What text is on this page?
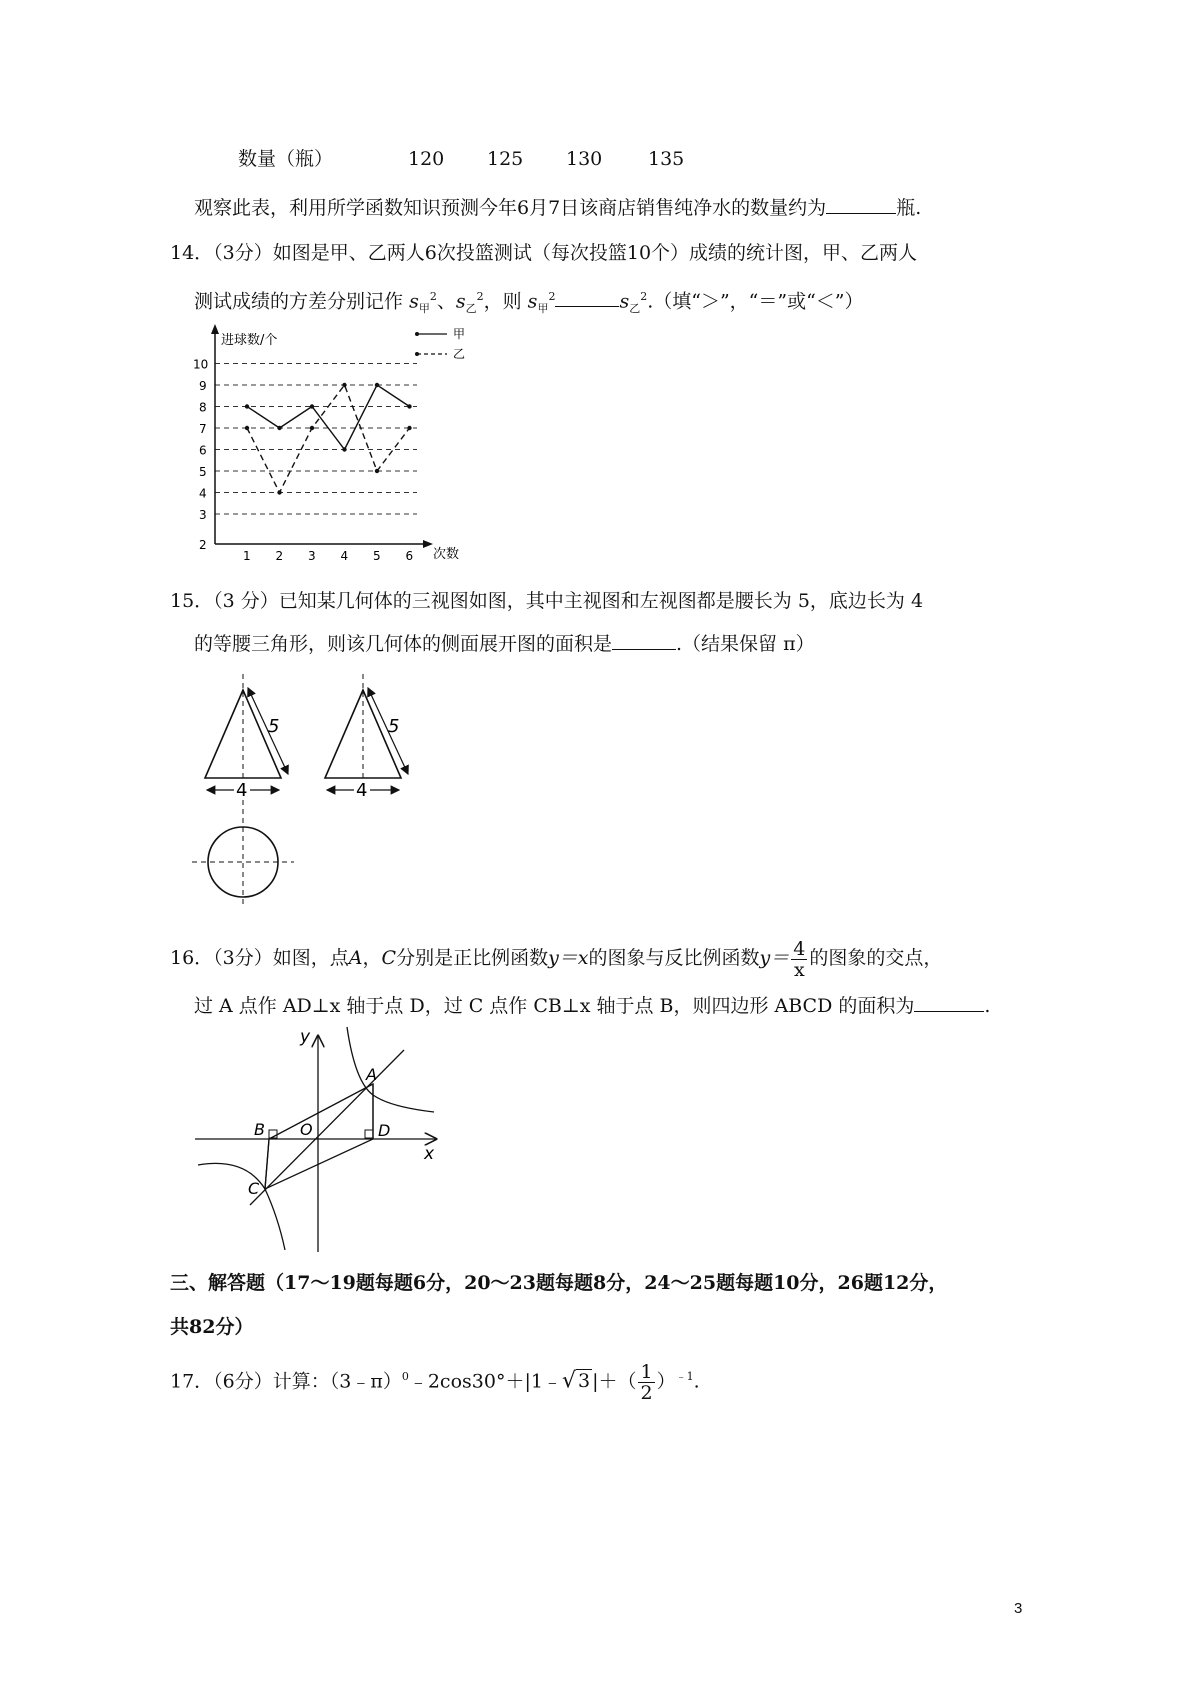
数量（瓶）	120 125 130 135
观察此表，利用所学函数知识预测今年6月7日该商店销售纯净水的数量约为	瓶.
14．（3分）如图是甲、乙两人6次投篮测试（每次投篮10个）成绩的统计图，甲、乙两人
测试成绩的方差分别记作 $s_甲^2$、$s_乙^2$，则 $s_甲^2$	$s_乙^2$.（填“＞”，“＝”或“＜”）
进球数/个
次数
2
3
4
5
6
7
8
9
10
1 2 3 4 5 6
甲
乙
15．（3 分）已知某几何体的三视图如图，其中主视图和左视图都是腰长为 5，底边长为 4
的等腰三角形，则该几何体的侧面展开图的面积是	.（结果保留 π）
5
4
5
4
16．（3分）如图，点A，C分别是正比例函数y＝x的图象与反比例函数$y= \frac{4}{x}$ 的图象的交点，
过 A 点作 AD⊥x 轴于点 D，过 C 点作 CB⊥x 轴于点 B，则四边形 ABCD 的面积为	.
x
y
A
B
C
D
O
三、解答题（17～19题每题6分，20～23题每题8分，24～25题每题10分，26题12分，
共82分）
17．（6分）计算：（3﹣π）$^0$﹣2cos30°＋|1﹣√ 3 |＋（ $\frac{1}{2} )^{﹣1}$.
3
